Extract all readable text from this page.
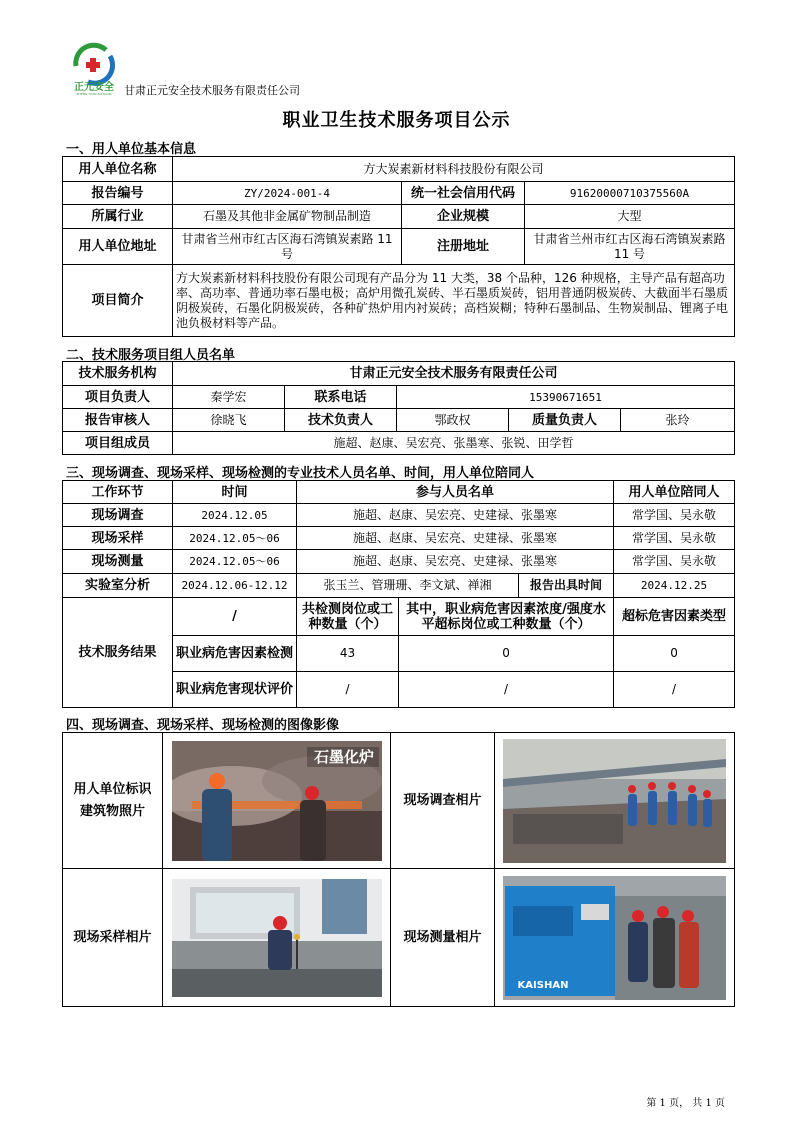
正元安全
ZHENG YUAN AN QUAN 甘肃正元安全技术服务有限责任公司
职业卫生技术服务项目公示
一、用人单位基本信息
用人单位名称	方大炭素新材料科技股份有限公司		
报告编号	ZY/2024-001-4	统一社会信用代码	91620000710375560A
所属行业	石墨及其他非金属矿物制品制造	企业规模	大型
用人单位地址	甘肃省兰州市红古区海石湾镇炭素路 11 号	注册地址	甘肃省兰州市红古区海石湾镇炭素路 11 号
项目简介	方大炭素新材料科技股份有限公司现有产品分为 11 大类，38 个品种，126 种规格，主导产品有超高功率、高功率、普通功率石墨电极；高炉用微孔炭砖、半石墨质炭砖，铝用普通阴极炭砖、大截面半石墨质阴极炭砖，石墨化阴极炭砖，各种矿热炉用内衬炭砖；高档炭糊；特种石墨制品、生物炭制品、锂离子电池负极材料等产品。		
二、技术服务项目组人员名单
技术服务机构	甘肃正元安全技术服务有限责任公司				
项目负责人	秦学宏	联系电话	15390671651		
报告审核人	徐晓飞	技术负责人	鄂政权	质量负责人	张玲
项目组成员	施超、赵康、吴宏亮、张墨寒、张锐、田学哲				
三、现场调查、现场采样、现场检测的专业技术人员名单、时间，用人单位陪同人
工作环节	时间	参与人员名单			用人单位陪同人
现场调查	2024.12.05	施超、赵康、吴宏亮、史建禄、张墨寒			常学国、吴永敬
现场采样	2024.12.05～06	施超、赵康、吴宏亮、史建禄、张墨寒			常学国、吴永敬
现场测量	2024.12.05～06	施超、赵康、吴宏亮、史建禄、张墨寒			常学国、吴永敬
实验室分析	2024.12.06-12.12	张玉兰、管珊珊、李文斌、禅湘		报告出具时间	2024.12.25
技术服务结果	/	共检测岗位或工种数量（个）	其中，职业病危害因素浓度/强度水平超标岗位或工种数量（个）		超标危害因素类型
	职业病危害因素检测	43	0		0
	职业病危害现状评价	/	/		/
四、现场调查、现场采样、现场检测的图像影像
用人单位标识建筑物照片	石墨化炉	现场调查相片	

现场采样相片		现场测量相片	KAISHAN
第 1 页， 共 1 页
